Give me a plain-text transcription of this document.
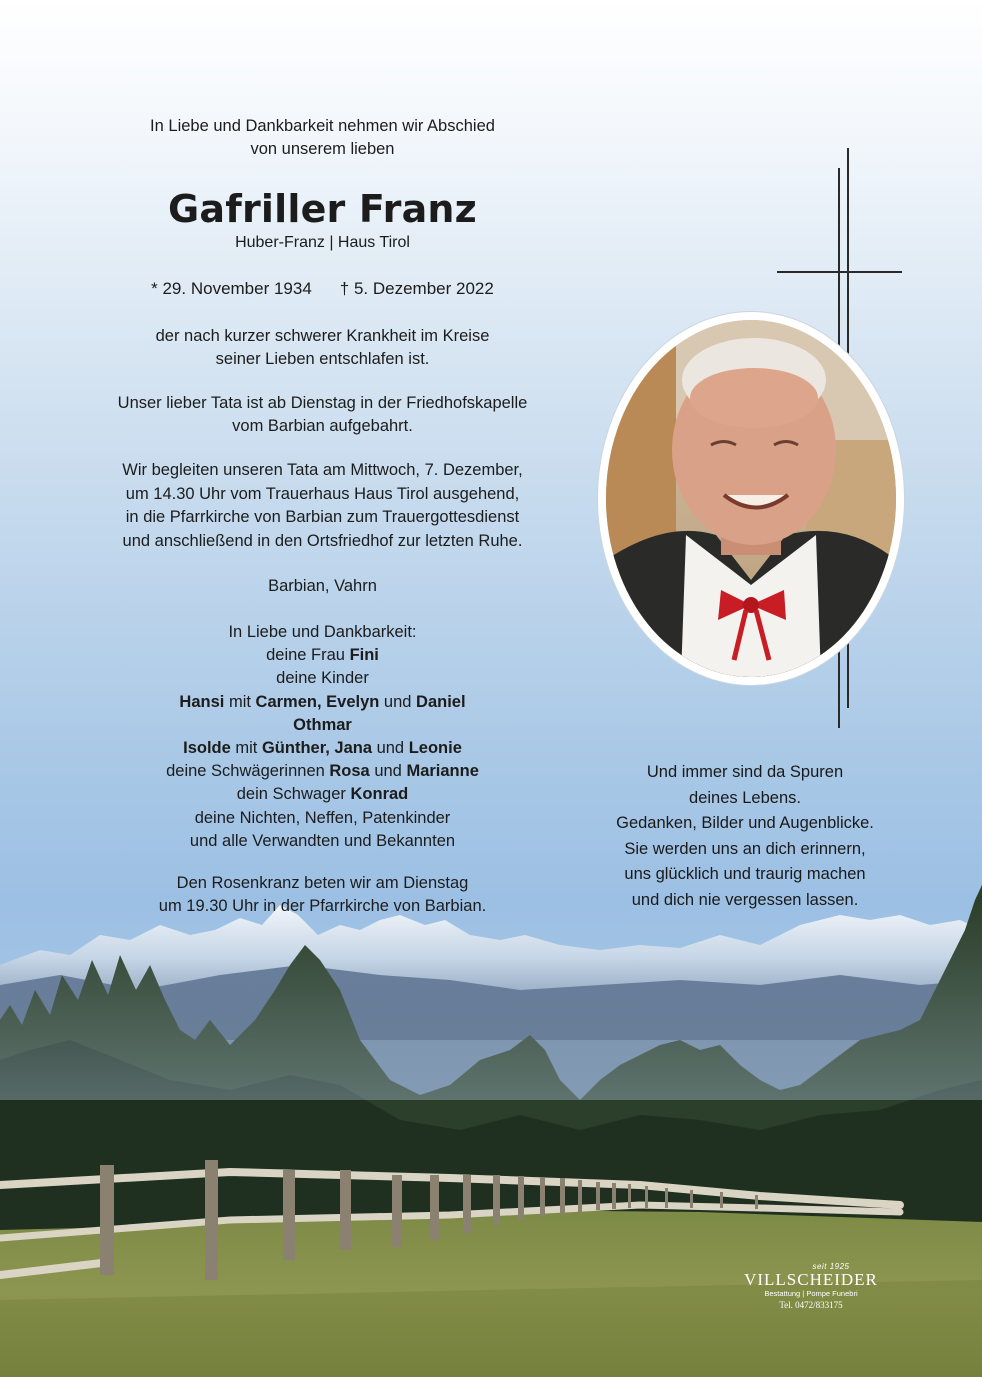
In Liebe und Dankbarkeit nehmen wir Abschied
von unserem lieben
Gafriller Franz
Huber-Franz | Haus Tirol
* 29. November 1934 † 5. Dezember 2022
der nach kurzer schwerer Krankheit im Kreise
seiner Lieben entschlafen ist.
Unser lieber Tata ist ab Dienstag in der Friedhofskapelle
vom Barbian aufgebahrt.
Wir begleiten unseren Tata am Mittwoch, 7. Dezember,
um 14.30 Uhr vom Trauerhaus Haus Tirol ausgehend,
in die Pfarrkirche von Barbian zum Trauergottesdienst
und anschließend in den Ortsfriedhof zur letzten Ruhe.
Barbian, Vahrn
In Liebe und Dankbarkeit:
deine Frau Fini
deine Kinder
Hansi mit Carmen, Evelyn und Daniel
Othmar
Isolde mit Günther, Jana und Leonie
deine Schwägerinnen Rosa und Marianne
dein Schwager Konrad
deine Nichten, Neffen, Patenkinder
und alle Verwandten und Bekannten
Den Rosenkranz beten wir am Dienstag
um 19.30 Uhr in der Pfarrkirche von Barbian.
Und immer sind da Spuren
deines Lebens.
Gedanken, Bilder und Augenblicke.
Sie werden uns an dich erinnern,
uns glücklich und traurig machen
und dich nie vergessen lassen.
seit 1925
VILLSCHEIDER
Bestattung | Pompe Funebri
Tel. 0472/833175
